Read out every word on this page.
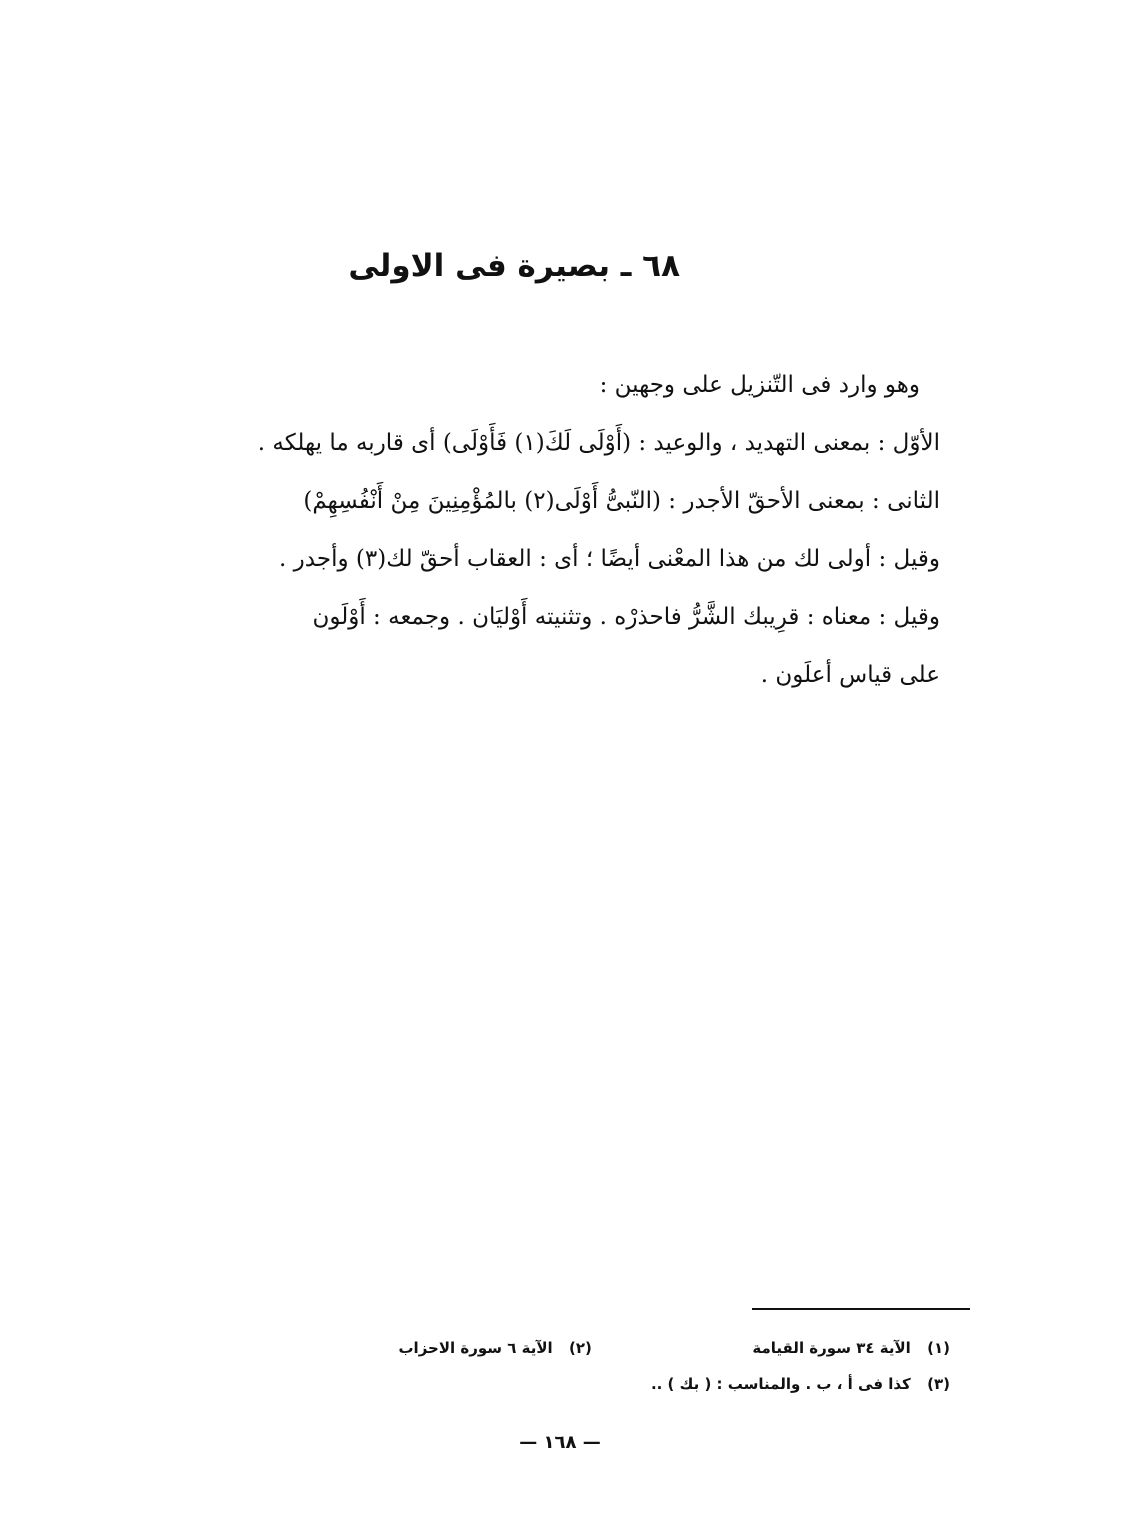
٦٨ ـ بصيرة فى الاولى
وهو وارد فى التّنزيل على وجهين :
الأوّل : بمعنى التهديد ، والوعيد : (أَوْلَى لَكَ(١) فَأَوْلَى) أى قاربه ما يهلكه .
الثانى : بمعنى الأحقّ الأجدر : (النّبىُّ أَوْلَى(٢) بالمُؤْمِنِينَ مِنْ أَنْفُسِهِمْ)
وقيل : أولى لك من هذا المعْنى أيضًا ؛ أى : العقاب أحقّ لك(٣) وأجدر .
وقيل : معناه : قرِيبك الشَّرُّ فاحذرْه . وتثنيته أَوْليَان . وجمعه : أَوْلَون
على قياس أعلَون .
(١) الآية ٣٤ سورة القيامة  (٢) الآية ٦ سورة الاحزاب
(٣) كذا فى أ ، ب . والمناسب : ( بك ) ..
— ١٦٨ —
